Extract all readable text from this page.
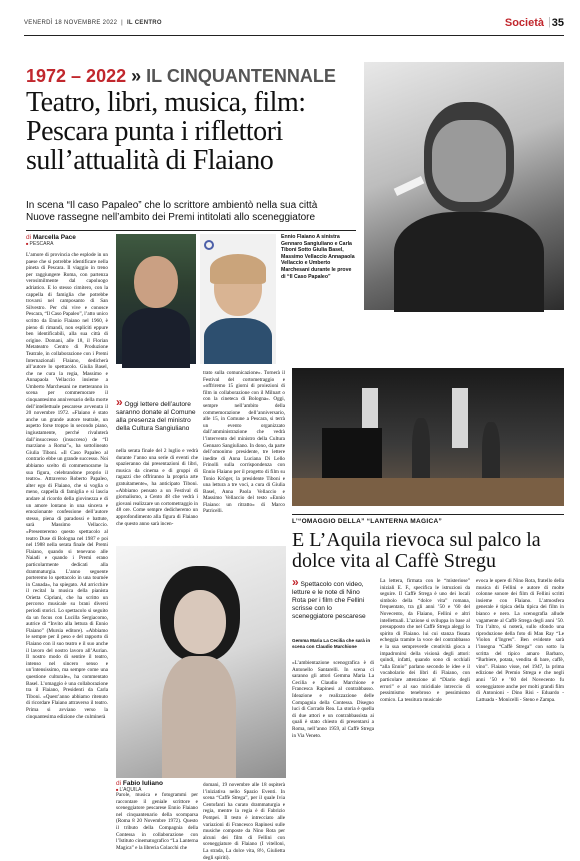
VENERDÌ 18 NOVEMBRE 2022  |  IL CENTRO	Società | 35
1972 – 2022 » IL CINQUANTENNALE
Teatro, libri, musica, film: Pescara punta i riflettori sull’attualità di Flaiano
In scena “Il caso Papaleo” che lo scrittore ambientò nella sua città
Nuove rassegne nell’ambito dei Premi intitolati allo sceneggiatore
di Marcella Pace
■ PESCARA

L’amore di provincia che esplode in un paese che si potrebbe identificare nella pineta di Pescara. Il viaggio in treno per raggiungere Roma, con partenza verosimilmente dal capoluogo adriatico. E lo stesso cimitero, con la cappella di famiglia che potrebbe trovarsi nel camposanto di San Silvestro. Per chi vive e conosce Pescara, “Il Caso Papaleo”, l’atto unico scritto da Ennio Flaiano nel 1960, è pieno di rimandi, non espliciti eppure ben identificabili, alla sua città di origine. Domani, alle 18, il Florian Metateatro Centro di Produzione Teatrale, in collaborazione con i Premi Internazionali Flaiano, dedicherà all’autore lo spettacolo. Giulia Basel, che ne cura la regia, Massimo e Annapaola Vellaccio insieme a Umberto Marchesani ne metteranno in scena per commemorare il cinquantesimo anniversario della morte dell’intellettuale pescarese avvenuta il 20 novembre 1972. «Flaiano è stato anche un grande autore teatrale, un aspetto forse troppo in secondo piano, ingiustamente, perché rivaluterà dall’insuccesso (insucceso) de “Il marziano a Roma”», ha sottolineato Giulia Tiboni. «Il Caso Papaleo al contrario ebbe un grande successo. Noi abbiamo scelto di commemorarne la sua figura, celebrandone proprio il teatro». Attraverso Roberto Papaleo, alter ego di Flaiano, che si voglia o meno, cappella di famiglia e si lascia andare al ricordo della giovinezza e di un amore lontano in una sincera e emozionante confessione dell’autore stesso, piena di paradossi e battute, sarà Massimo Vellaccio. «Presenteremo questo spettacolo al teatro Duse di Bologna nel 1987 e poi nel 1988 nella serata finale del Premi Flaiano, quando si tenevano alle Naiadi e quando i Premi erano particolarmente dedicati alla drammaturgia. L’anno seguente porteremo lo spettacolo in una tournée in Canada», ha spiegato. Ad arricchire il recital la musica della pianista Orietta Cipriani, che ha scritto un percorso musicale su brani diversi periodi storici. Lo spettacolo si seguito da un focus con Lucilla Sergiacomo, autrice di “Invito alla lettura di Ennio Flaiano” (Mursia editore). «Abbiamo le sempre per il peso e del rapporto di Flaiano con il suo teatro e il suo anche il lavoro del nostro lavoro all’Aurian. Il nostro modo di sentire il teatro, intenso nel sincero senso e un’intensissimo, ma sempre come una questione culturale», ha commentato Basel. L’omaggio è una collaborazione tra il Flaiano, Presidenti da Carla Tiboni. «Quest’anno abbiamo ritenuto di ricordare Flaiano attraverso il teatro. Prima si avviano verso la cinquantesima edizione che culminerà

Ennio Flaiano A sinistra Gennaro Sangiuliano e Carla Tiboni Sotto Giulia Basel, Massimo Vellaccio Annapaola Vellaccio e Umberto Marchesani durante le prove di “Il Caso Papaleo”
» Oggi lettere dell’autore saranno donate al Comune alla presenza del ministro della Cultura Sangiuliano

nella serata finale del 2 luglio e vedrà durante l’anno una serie di eventi che spazieranno dai presentazioni di libri, musica da cinema e di gruppi di ragazzi che offriranno la propria arte gratuitamente», ha anticipato Tiboni. «Abbiamo pensato a un Festival di giornalismo, a Cento 48 che vedrà i giovani realizzare un cortometraggio in 48 ore. Come sempre dedicheremo un approfondimento alla figura di Flaiano che questo anno sarà incen-

trato sulla comunicazione». Tornerà il Festival del cortometraggio e «offriremo 15 giorni di proiezioni di film in collaborazione con il Milnart o con la cineteca di Bologna». Oggi, sempre nell’ambito della commemorazione dell’anniversario, alle 15, in Comune a Pescara, si terrà un evento organizzato dall’amministrazione che vedrà l’intervento del ministro della Cultura Gennaro Sangiuliano. In dono, da parte dell’omonimo presidente, tre lettere inedite di Anna Luciana Di Lello Frinolli sulla corrispondenza con Ennio Flaiano per il progetto di film su Tonio Kröger, la presidente Tiboni e una lettura a tre voci, a cura di Giulia Basel, Anna Paola Vellaccio e Massimo Vellaccio del testo «Ennio Flaiano: un ritratto» di Marco Patricelli.

L’“OMAGGIO DELLA” “LANTERNA MAGICA”
E L’Aquila rievoca sul palco la dolce vita al Caffè Stregu
» Spettacolo con video, letture e le note di Nino Rota per i film che Fellini scrisse con lo sceneggiatore pescarese
Gemma Maria La Cecilia che sarà in scena con Claudio Marchione
di Fabio Iuliano
■ L’AQUILA

Parole, musica e fotogrammi per raccontare il geniale scrittore e sceneggiatore pescarese Ennio Flaiano nel cinquantenario della scomparsa (Roma 8 20 Novembre 1972). Questo il tributo della Compagnia della Contessa in collaborazione con l’Istituto cinematografico “La Lanterna Magica” e la libreria Colacchi che

domani, 19 novembre alle 18 ospiterà l’iniziativa nello Spazio Eventi. In scena “Caffè Strega”, per il quale Ivia Centofanti ha curato drammaturgia e regia, mentre la regia è di Fabrizio Pompei. Il testo è intrecciato alle variazioni di Francesco Rapinesi sulle musiche composte da Nino Rota per alcuni dei film di Fellini con sceneggiature di Flaiano (I vitelloni, La strada, La dolce vita, 8½, Giulietta degli spiriti).

«L’ambientazione scenografica è di Antonello Santarelli. In scena ci saranno gli attori Gemma Maria La Cecilia e Claudio Marchione e Francesca Rapinesi al contrabbasso. Ideazione e realizzazione delle Compagnia della Contessa. Disegno luci di Corrado Rea. La storia è quella di due attori e un contrabbassista ai quali è stato chiesto di presentarsi a Roma, nell’anno 1959, al Caffè Strega in Via Veneto.

La lettera, firmata con le “misteriose” iniziali E. F., specifica le istruzioni da seguire. Il Caffè Strega è uno dei locali simbolo della “dolce vita” romana, frequentato, tra gli anni ’50 e ’60 del Novecento, da Flaiano, Fellini e altri intellettuali. L’azione si sviluppa in base al presupposto che nel Caffè Strega aleggi lo spirito di Flaiano. lui cui stanza fissata echeggia tramite la voce del contrabbasso e la sua sempreverde creatività gioca a impadronirsi della visionà degli attori: quindi, infatti, quando sono di occhiali “alla Ennio” parlano secondo le idee e il vocabolario dei libri di Flaiano, con particolare attenzione al “Diario degli errori” e al suo micidiale intreccio di pessimismo tenebroso e pessimismo comico. La tessitura musicale

evoca le opere di Nino Rota, fratello della musica di Fellini e autore di molte colonne sonore dei film di Fellini scritti insieme con Flaiano. L’atmosfera generale è tipica della tipica dei film in bianco e nero. La scenografia allude vagamente al Caffè Strega degli anni ’50. Tra l’altro, si noterà, sullo sfondo una riproduzione della foto di Man Ray “Le Violon d’Ingres”. Ben evidente sarà l’insegna “Caffè Strega” con sotto la scritta del tipico amaro Barbaro, “Barbiere, potata, vendita di bare, caffè, vino”. Flaiano visse, nel 1947, la prima edizione del Premio Strega e che negli anni ’50 e ’60 del Novecento fu sceneggiatore anche per molti grandi film di Antonioni - Dino Risi - Eduardo - Lattuada - Monicelli - Steno e Zampa.
